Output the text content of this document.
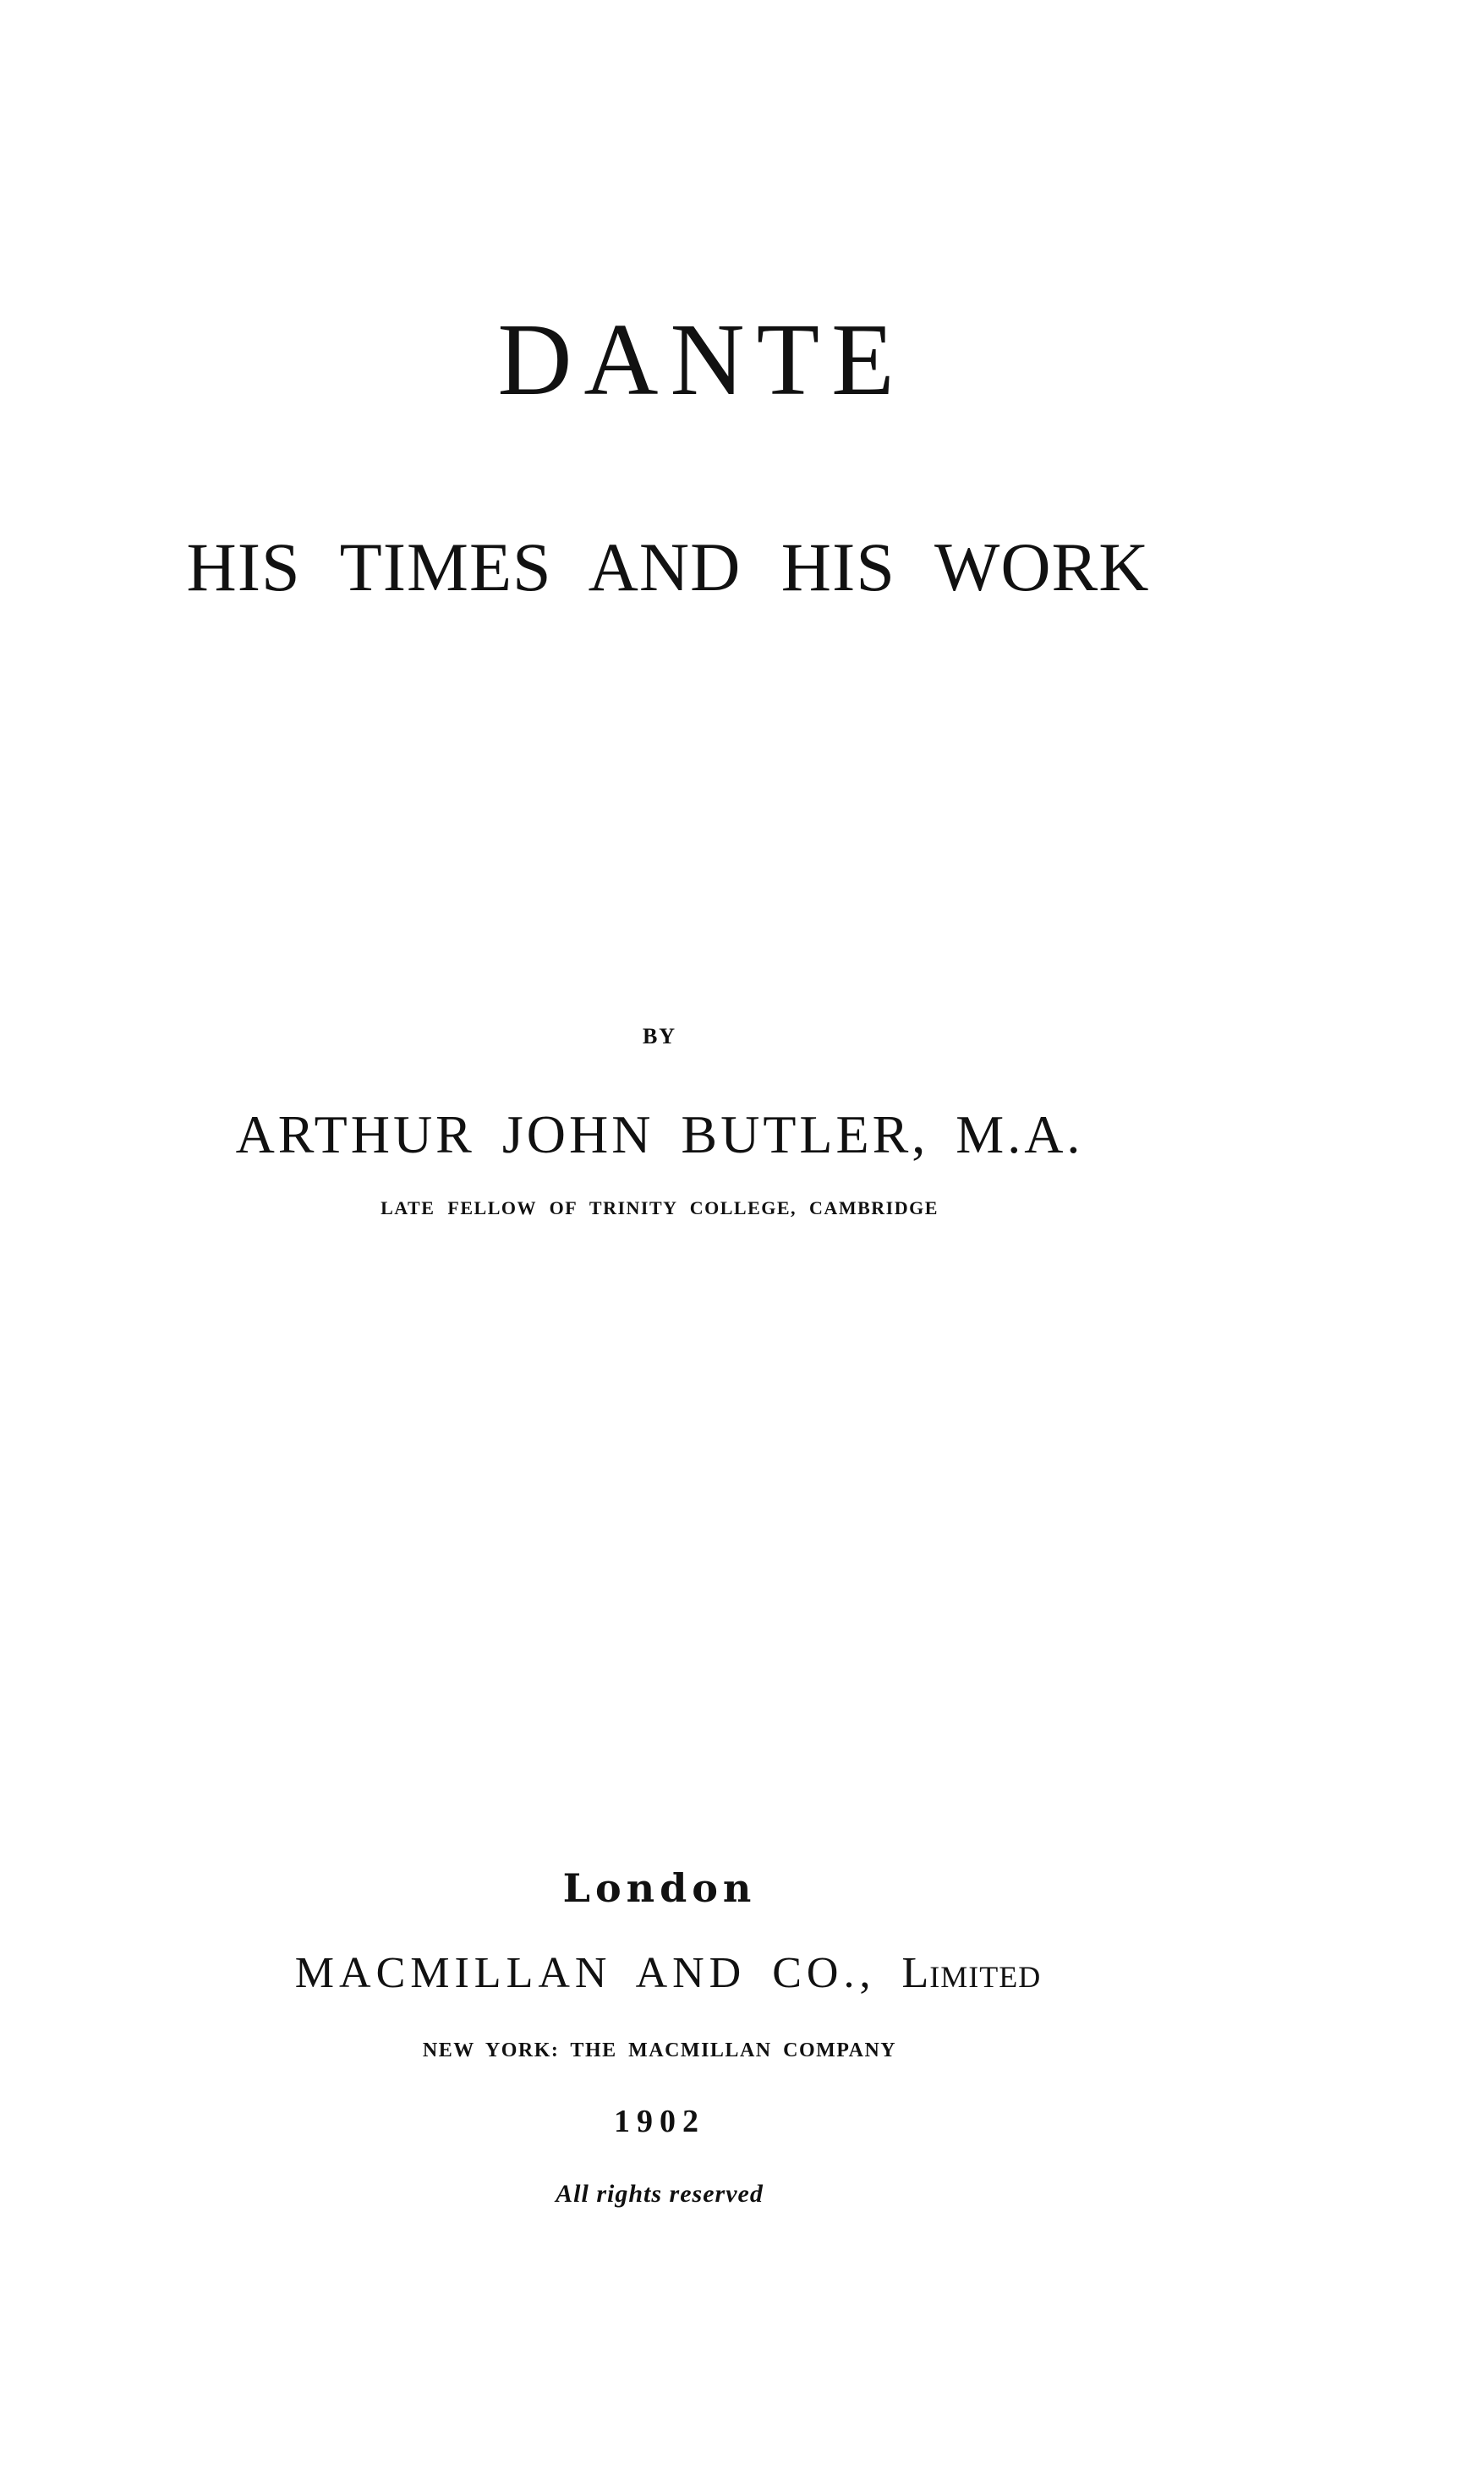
DANTE
HIS TIMES AND HIS WORK
BY
ARTHUR JOHN BUTLER, M.A.
LATE FELLOW OF TRINITY COLLEGE, CAMBRIDGE
London
MACMILLAN AND CO., Limited
NEW YORK: THE MACMILLAN COMPANY
1902
All rights reserved
